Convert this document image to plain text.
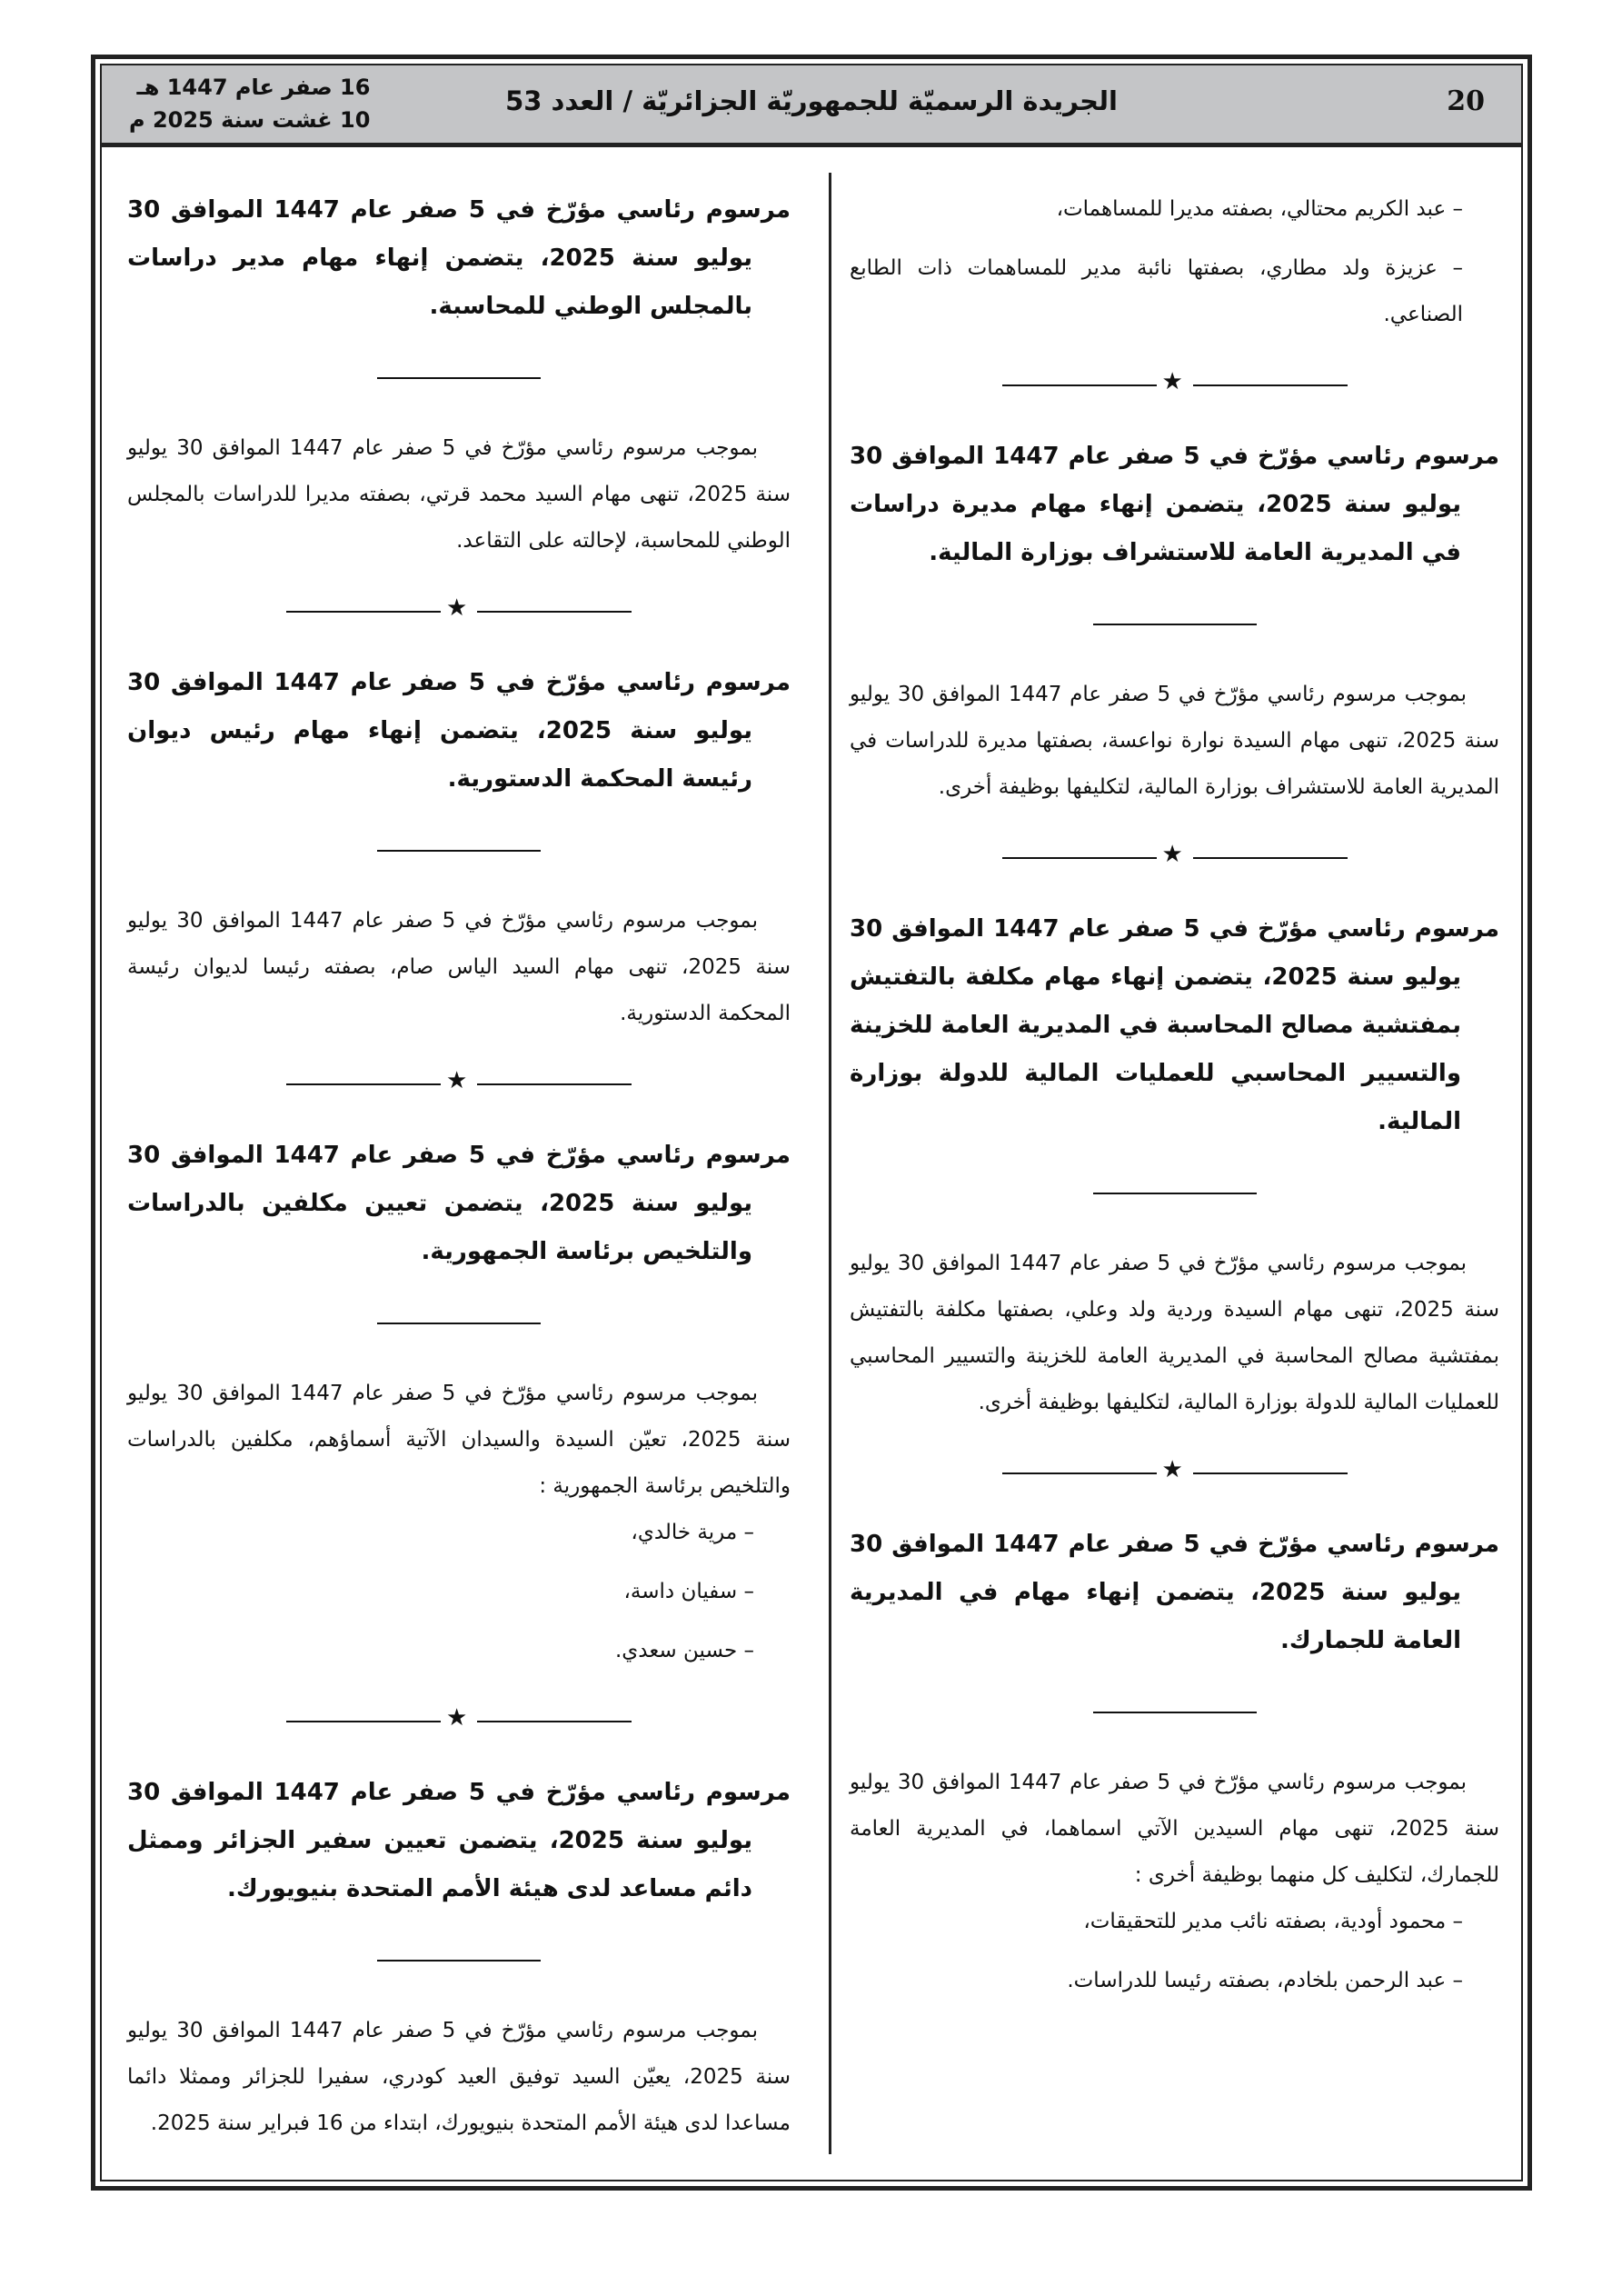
20
الجريدة الرسميّة للجمهوريّة الجزائريّة / العدد 53
16 صفر عام 1447 هـ
10 غشت سنة 2025 م
– عبد الكريم محتالي، بصفته مديرا للمساهمات،
– عزيزة ولد مطاري، بصفتها نائبة مدير للمساهمات ذات الطابع الصناعي.
★

مرسوم رئاسي مؤرّخ في 5 صفر عام 1447 الموافق 30 يوليو سنة 2025، يتضمن إنهاء مهام مديرة دراسات في المديرية العامة للاستشراف بوزارة المالية.

بموجب مرسوم رئاسي مؤرّخ في 5 صفر عام 1447 الموافق 30 يوليو سنة 2025، تنهى مهام السيدة نوارة نواعسة، بصفتها مديرة للدراسات في المديرية العامة للاستشراف بوزارة المالية، لتكليفها بوظيفة أخرى.

★

مرسوم رئاسي مؤرّخ في 5 صفر عام 1447 الموافق 30 يوليو سنة 2025، يتضمن إنهاء مهام مكلفة بالتفتيش بمفتشية مصالح المحاسبة في المديرية العامة للخزينة والتسيير المحاسبي للعمليات المالية للدولة بوزارة المالية.

بموجب مرسوم رئاسي مؤرّخ في 5 صفر عام 1447 الموافق 30 يوليو سنة 2025، تنهى مهام السيدة وردية ولد وعلي، بصفتها مكلفة بالتفتيش بمفتشية مصالح المحاسبة في المديرية العامة للخزينة والتسيير المحاسبي للعمليات المالية للدولة بوزارة المالية، لتكليفها بوظيفة أخرى.

★

مرسوم رئاسي مؤرّخ في 5 صفر عام 1447 الموافق 30 يوليو سنة 2025، يتضمن إنهاء مهام في المديرية العامة للجمارك.

بموجب مرسوم رئاسي مؤرّخ في 5 صفر عام 1447 الموافق 30 يوليو سنة 2025، تنهى مهام السيدين الآتي اسماهما، في المديرية العامة للجمارك، لتكليف كل منهما بوظيفة أخرى :

– محمود أودية، بصفته نائب مدير للتحقيقات،
– عبد الرحمن بلخادم، بصفته رئيسا للدراسات.

مرسوم رئاسي مؤرّخ في 5 صفر عام 1447 الموافق 30 يوليو سنة 2025، يتضمن إنهاء مهام مدير دراسات بالمجلس الوطني للمحاسبة.

بموجب مرسوم رئاسي مؤرّخ في 5 صفر عام 1447 الموافق 30 يوليو سنة 2025، تنهى مهام السيد محمد قرتي، بصفته مديرا للدراسات بالمجلس الوطني للمحاسبة، لإحالته على التقاعد.

★

مرسوم رئاسي مؤرّخ في 5 صفر عام 1447 الموافق 30 يوليو سنة 2025، يتضمن إنهاء مهام رئيس ديوان رئيسة المحكمة الدستورية.

بموجب مرسوم رئاسي مؤرّخ في 5 صفر عام 1447 الموافق 30 يوليو سنة 2025، تنهى مهام السيد الياس صام، بصفته رئيسا لديوان رئيسة المحكمة الدستورية.

★

مرسوم رئاسي مؤرّخ في 5 صفر عام 1447 الموافق 30 يوليو سنة 2025، يتضمن تعيين مكلفين بالدراسات والتلخيص برئاسة الجمهورية.

بموجب مرسوم رئاسي مؤرّخ في 5 صفر عام 1447 الموافق 30 يوليو سنة 2025، تعيّن السيدة والسيدان الآتية أسماؤهم، مكلفين بالدراسات والتلخيص برئاسة الجمهورية :

– مرية خالدي،
– سفيان داسة،
– حسين سعدي.
★

مرسوم رئاسي مؤرّخ في 5 صفر عام 1447 الموافق 30 يوليو سنة 2025، يتضمن تعيين سفير الجزائر وممثل دائم مساعد لدى هيئة الأمم المتحدة بنيويورك.

بموجب مرسوم رئاسي مؤرّخ في 5 صفر عام 1447 الموافق 30 يوليو سنة 2025، يعيّن السيد توفيق العيد كودري، سفيرا للجزائر وممثلا دائما مساعدا لدى هيئة الأمم المتحدة بنيويورك، ابتداء من 16 فبراير سنة 2025.
